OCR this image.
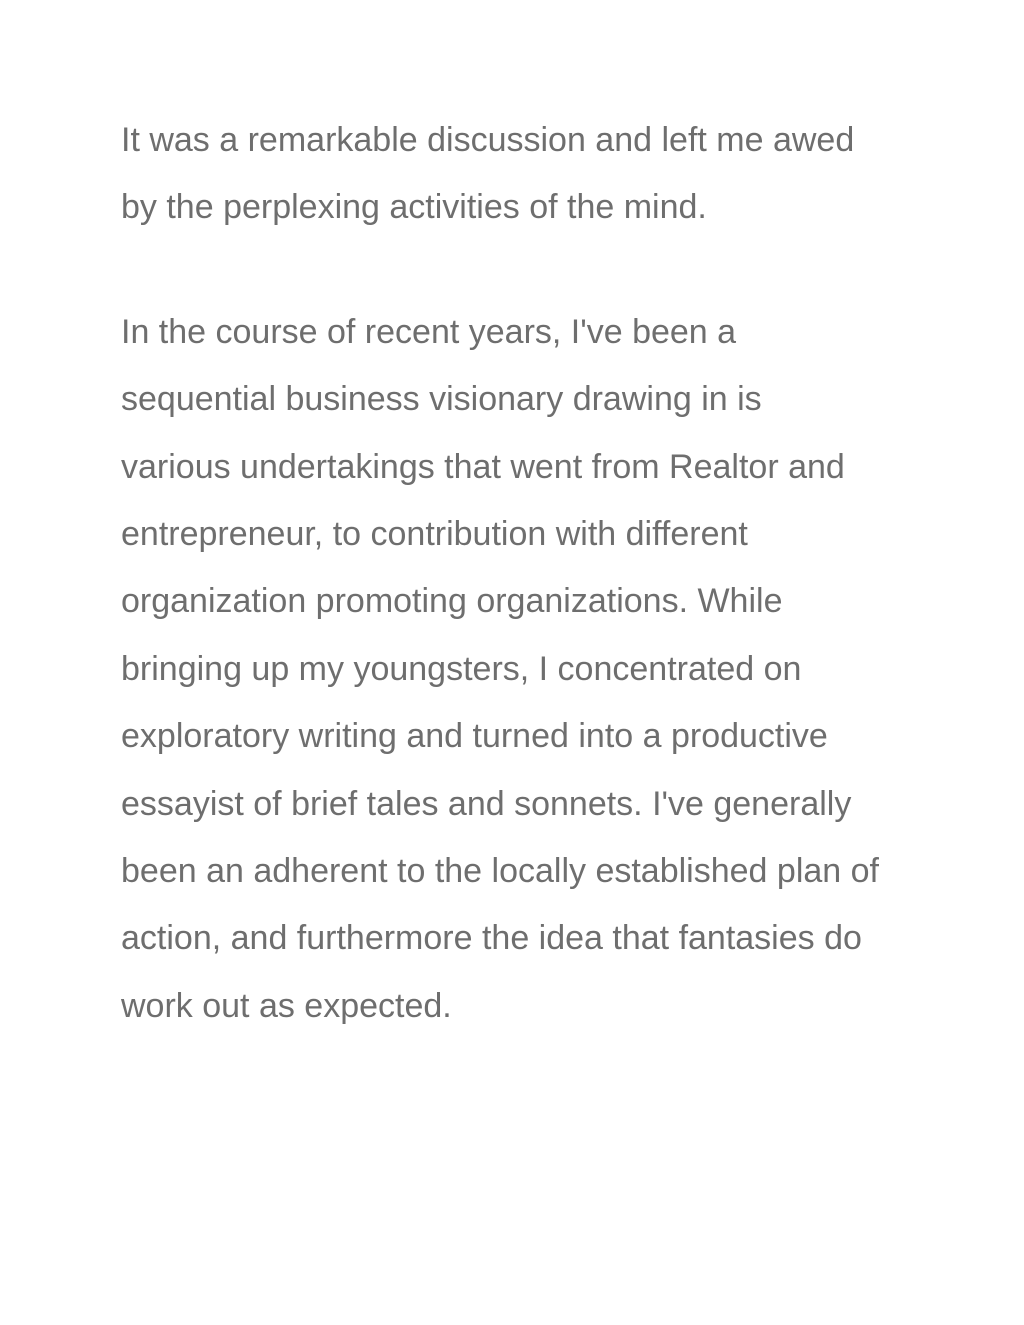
It was a remarkable discussion and left me awed
by the perplexing activities of the mind.
In the course of recent years, I've been a
sequential business visionary drawing in is
various undertakings that went from Realtor and
entrepreneur, to contribution with different
organization promoting organizations. While
bringing up my youngsters, I concentrated on
exploratory writing and turned into a productive
essayist of brief tales and sonnets. I've generally
been an adherent to the locally established plan of
action, and furthermore the idea that fantasies do
work out as expected.
